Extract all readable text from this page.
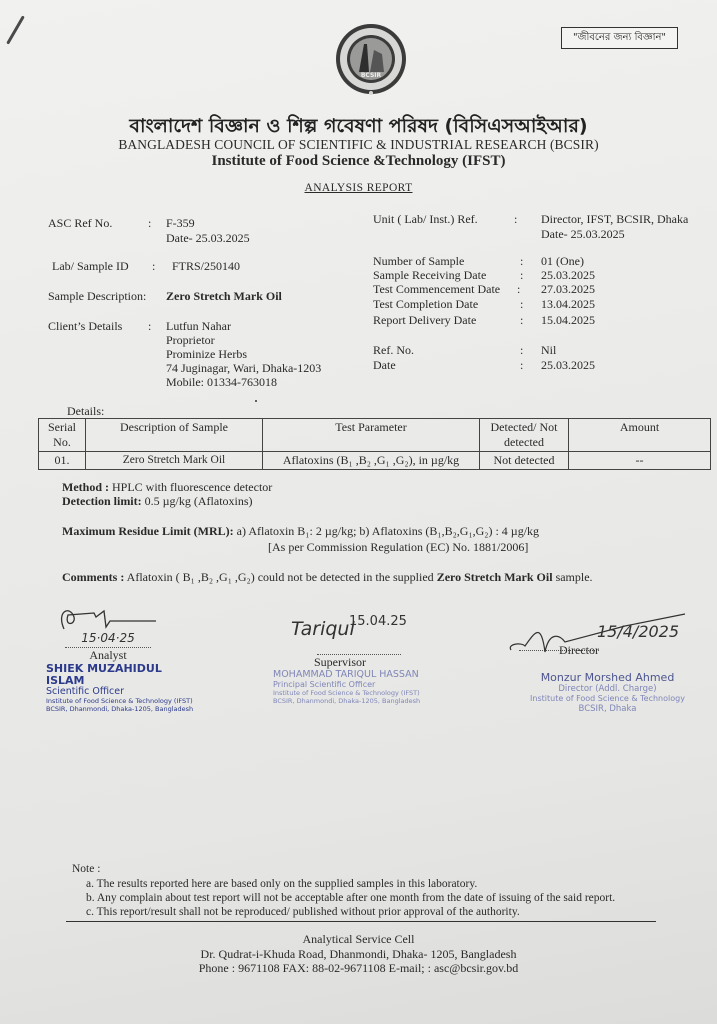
"জীবনের জন্য বিজ্ঞান"
BCSIR
বাংলাদেশ বিজ্ঞান ও শিল্প গবেষণা পরিষদ (বিসিএসআইআর)
BANGLADESH COUNCIL OF SCIENTIFIC & INDUSTRIAL RESEARCH (BCSIR)
Institute of Food Science &Technology (IFST)
ANALYSIS REPORT
ASC Ref No.	: F-359
Date- 25.03.2025
Lab/ Sample ID : FTRS/250140
Sample Description: Zero Stretch Mark Oil
Client’s Details : Lutfun Nahar
Proprietor
Prominize Herbs
74 Juginagar, Wari, Dhaka-1203
Mobile: 01334-763018
Unit ( Lab/ Inst.) Ref.	: Director, IFST, BCSIR, Dhaka
Date- 25.03.2025
Number of Sample	: 01 (One)
Sample Receiving Date	: 25.03.2025
Test Commencement Date : 27.03.2025
Test Completion Date	: 13.04.2025
Report Delivery Date	: 15.04.2025
Ref. No.	: Nil
Date	: 25.03.2025
Details:
Serial No.	Description of Sample	Test Parameter	Detected/ Not detected	Amount
01.	Zero Stretch Mark Oil	Aflatoxins (B₁ ,B₂ ,G₁ ,G₂), in µg/kg	Not detected	--
Method : HPLC with fluorescence detector
Detection limit: 0.5 µg/kg (Aflatoxins)
Maximum Residue Limit (MRL): a) Aflatoxin B₁: 2 µg/kg; b) Aflatoxins (B₁,B₂,G₁,G₂) : 4 µg/kg
[As per Commission Regulation (EC) No. 1881/2006]
Comments : Aflatoxin ( B₁ ,B₂ ,G₁ ,G₂) could not be detected in the supplied Zero Stretch Mark Oil sample.
15·04·25
Analyst
SHIEK MUZAHIDUL ISLAM
Scientific Officer
Institute of Food Science & Technology (IFST)
BCSIR, Dhanmondi, Dhaka-1205, Bangladesh
Tariqul
15.04.25
Supervisor
MOHAMMAD TARIQUL HASSAN
Principal Scientific Officer
Institute of Food Science & Technology (IFST)
BCSIR, Dhanmondi, Dhaka-1205, Bangladesh
15/4/2025
Director
Monzur Morshed Ahmed
Director (Addl. Charge)
Institute of Food Science & Technology
BCSIR, Dhaka
Note :
a. The results reported here are based only on the supplied samples in this laboratory.
b. Any complain about test report will not be acceptable after one month from the date of issuing of the said report.
c. This report/result shall not be reproduced/ published without prior approval of the authority.
Analytical Service Cell
Dr. Qudrat-i-Khuda Road, Dhanmondi, Dhaka- 1205, Bangladesh
Phone : 9671108 FAX: 88-02-9671108 E-mail; : asc@bcsir.gov.bd
